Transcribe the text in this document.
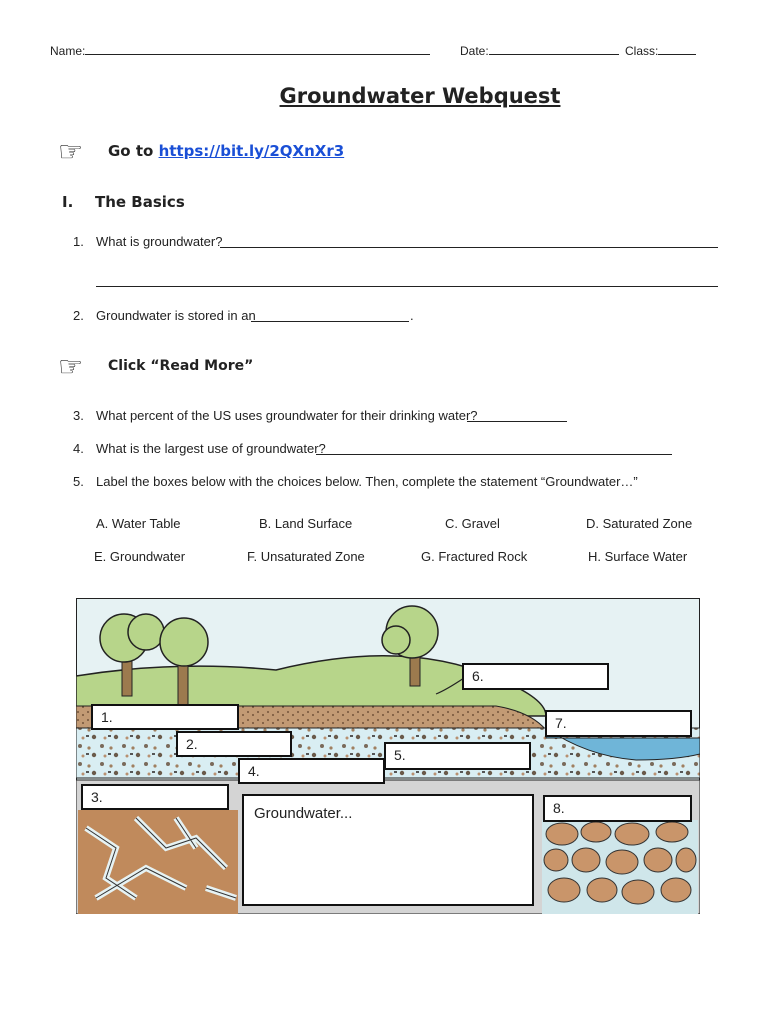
Name:	Date:	Class:
Groundwater Webquest
☞ Go to https://bit.ly/2QXnXr3
I. The Basics
1. What is groundwater?
2. Groundwater is stored in an	.
☞ Click “Read More”
3. What percent of the US uses groundwater for their drinking water?
4. What is the largest use of groundwater?
5. Label the boxes below with the choices below. Then, complete the statement “Groundwater…”
A. Water Table	B. Land Surface	C. Gravel	D. Saturated Zone
E. Groundwater	F. Unsaturated Zone	G. Fractured Rock	H. Surface Water
1.
2.
3.
4.
5.
6.
7.
8.
Groundwater...
